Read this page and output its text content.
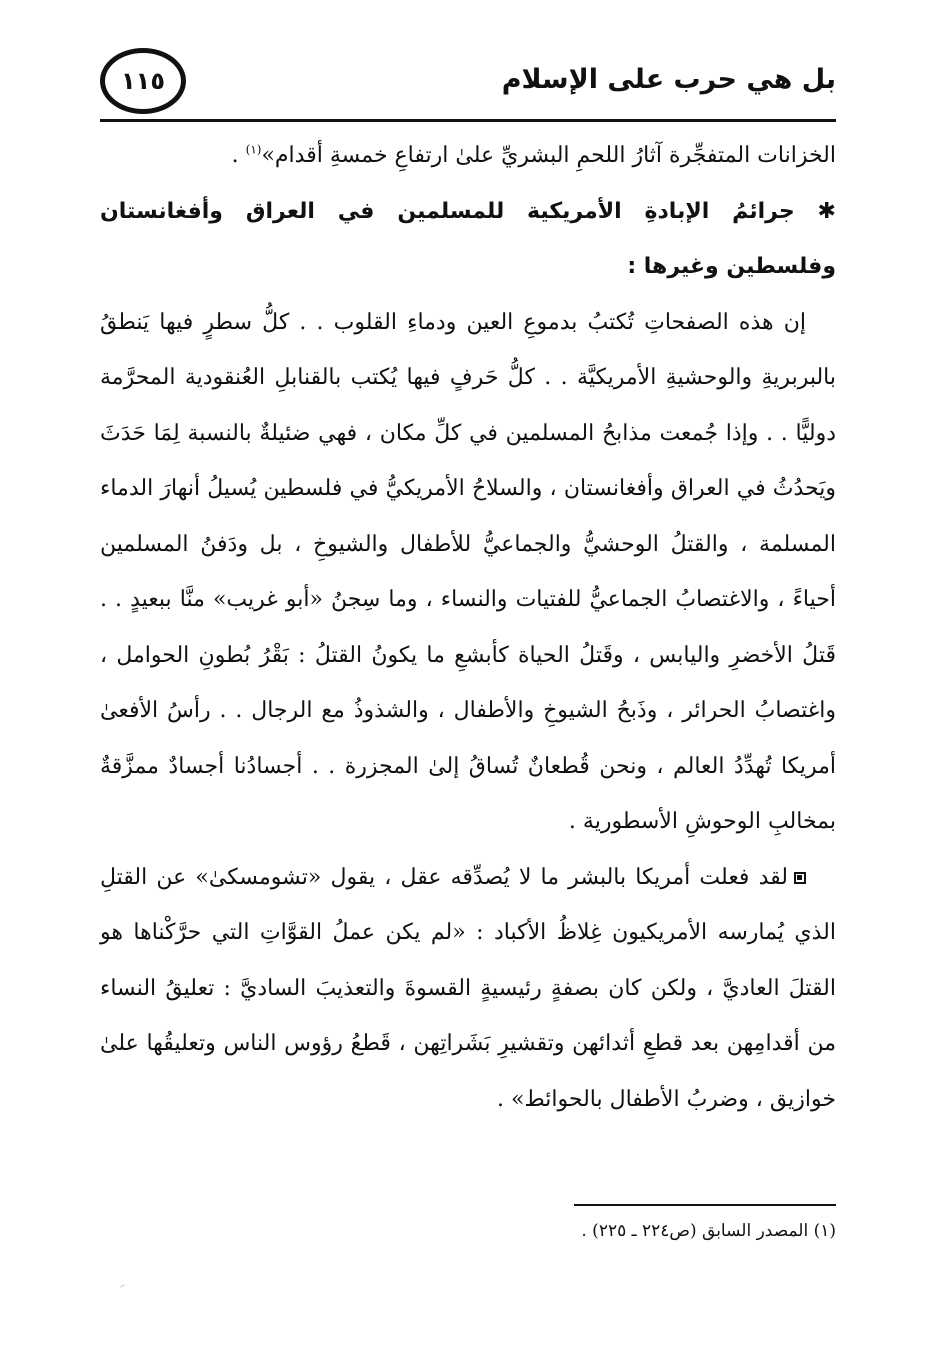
بل هي حرب على الإسلام
١١٥

الخزانات المتفجِّرة آثارُ اللحمِ البشريِّ علىٰ ارتفاعِ خمسةِ أقدام»$^{(١)}$ .

✱ جرائمُ الإبادةِ الأمريكية للمسلمين في العراق وأفغانستان وفلسطين وغيرها :

إن هذه الصفحاتِ تُكتبُ بدموعِ العين ودماءِ القلوب . . كلُّ سطرٍ فيها يَنطقُ بالبربريةِ والوحشيةِ الأمريكيَّة . . كلُّ حَرفٍ فيها يُكتب بالقنابلِ العُنقودية المحرَّمة دوليًّا . . وإذا جُمعت مذابحُ المسلمين في كلِّ مكان ، فهي ضئيلةٌ بالنسبة لِمَا حَدَثَ ويَحدُثُ في العراق وأفغانستان ، والسلاحُ الأمريكيُّ في فلسطين يُسيلُ أنهارَ الدماء المسلمة ، والقتلُ الوحشيُّ والجماعيُّ للأطفال والشيوخِ ، بل ودَفنُ المسلمين أحياءً ، والاغتصابُ الجماعيُّ للفتيات والنساء ، وما سِجنُ «أبو غريب» منَّا ببعيدٍ . . قَتلُ الأخضرِ واليابس ، وقَتلُ الحياة كأبشعِ ما يكونُ القتلُ : بَقْرُ بُطونِ الحوامل ، واغتصابُ الحرائر ، وذَبحُ الشيوخِ والأطفال ، والشذوذُ مع الرجال . . رأسُ الأفعىٰ أمريكا تُهدِّدُ العالم ، ونحن قُطعانٌ تُساقُ إلىٰ المجزرة . . أجسادُنا أجسادٌ ممزَّقةٌ بمخالبِ الوحوشِ الأسطورية .

لقد فعلت أمريكا بالبشر ما لا يُصدِّقه عقل ، يقول «تشومسكىٰ» عن القتلِ الذي يُمارسه الأمريكيون غِلاظُ الأكباد : «لم يكن عملُ القوَّاتِ التي حرَّكْناها هو القتلَ العاديَّ ، ولكن كان بصفةٍ رئيسيةٍ القسوةَ والتعذيبَ الساديَّ : تعليقُ النساء من أقدامِهن بعد قطعِ أثدائهن وتقشيرِ بَشَراتِهن ، قَطعُ رؤوس الناس وتعليقُها علىٰ خوازيق ، وضربُ الأطفال بالحوائط» .

(١) المصدر السابق (ص٢٢٤ ـ ٢٢٥) .
